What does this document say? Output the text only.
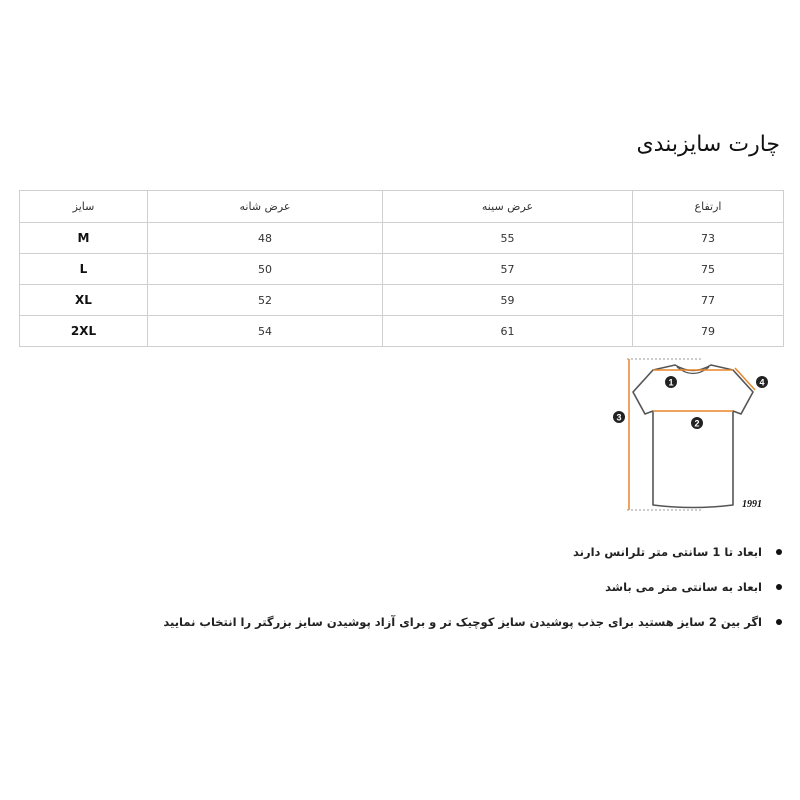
چارت سایزبندی
ارتفاع	عرض سینه	عرض شانه	سایز
73	55	48	M
75	57	50	L
77	59	52	XL
79	61	54	2XL
1
2
3
4
1991
ابعاد تا 1 سانتی متر تلرانس دارند
ابعاد به سانتی متر می باشد
اگر بین 2 سایز هستید برای جذب پوشیدن سایز کوچیک تر و برای آزاد پوشیدن سایز بزرگتر را انتخاب نمایید
